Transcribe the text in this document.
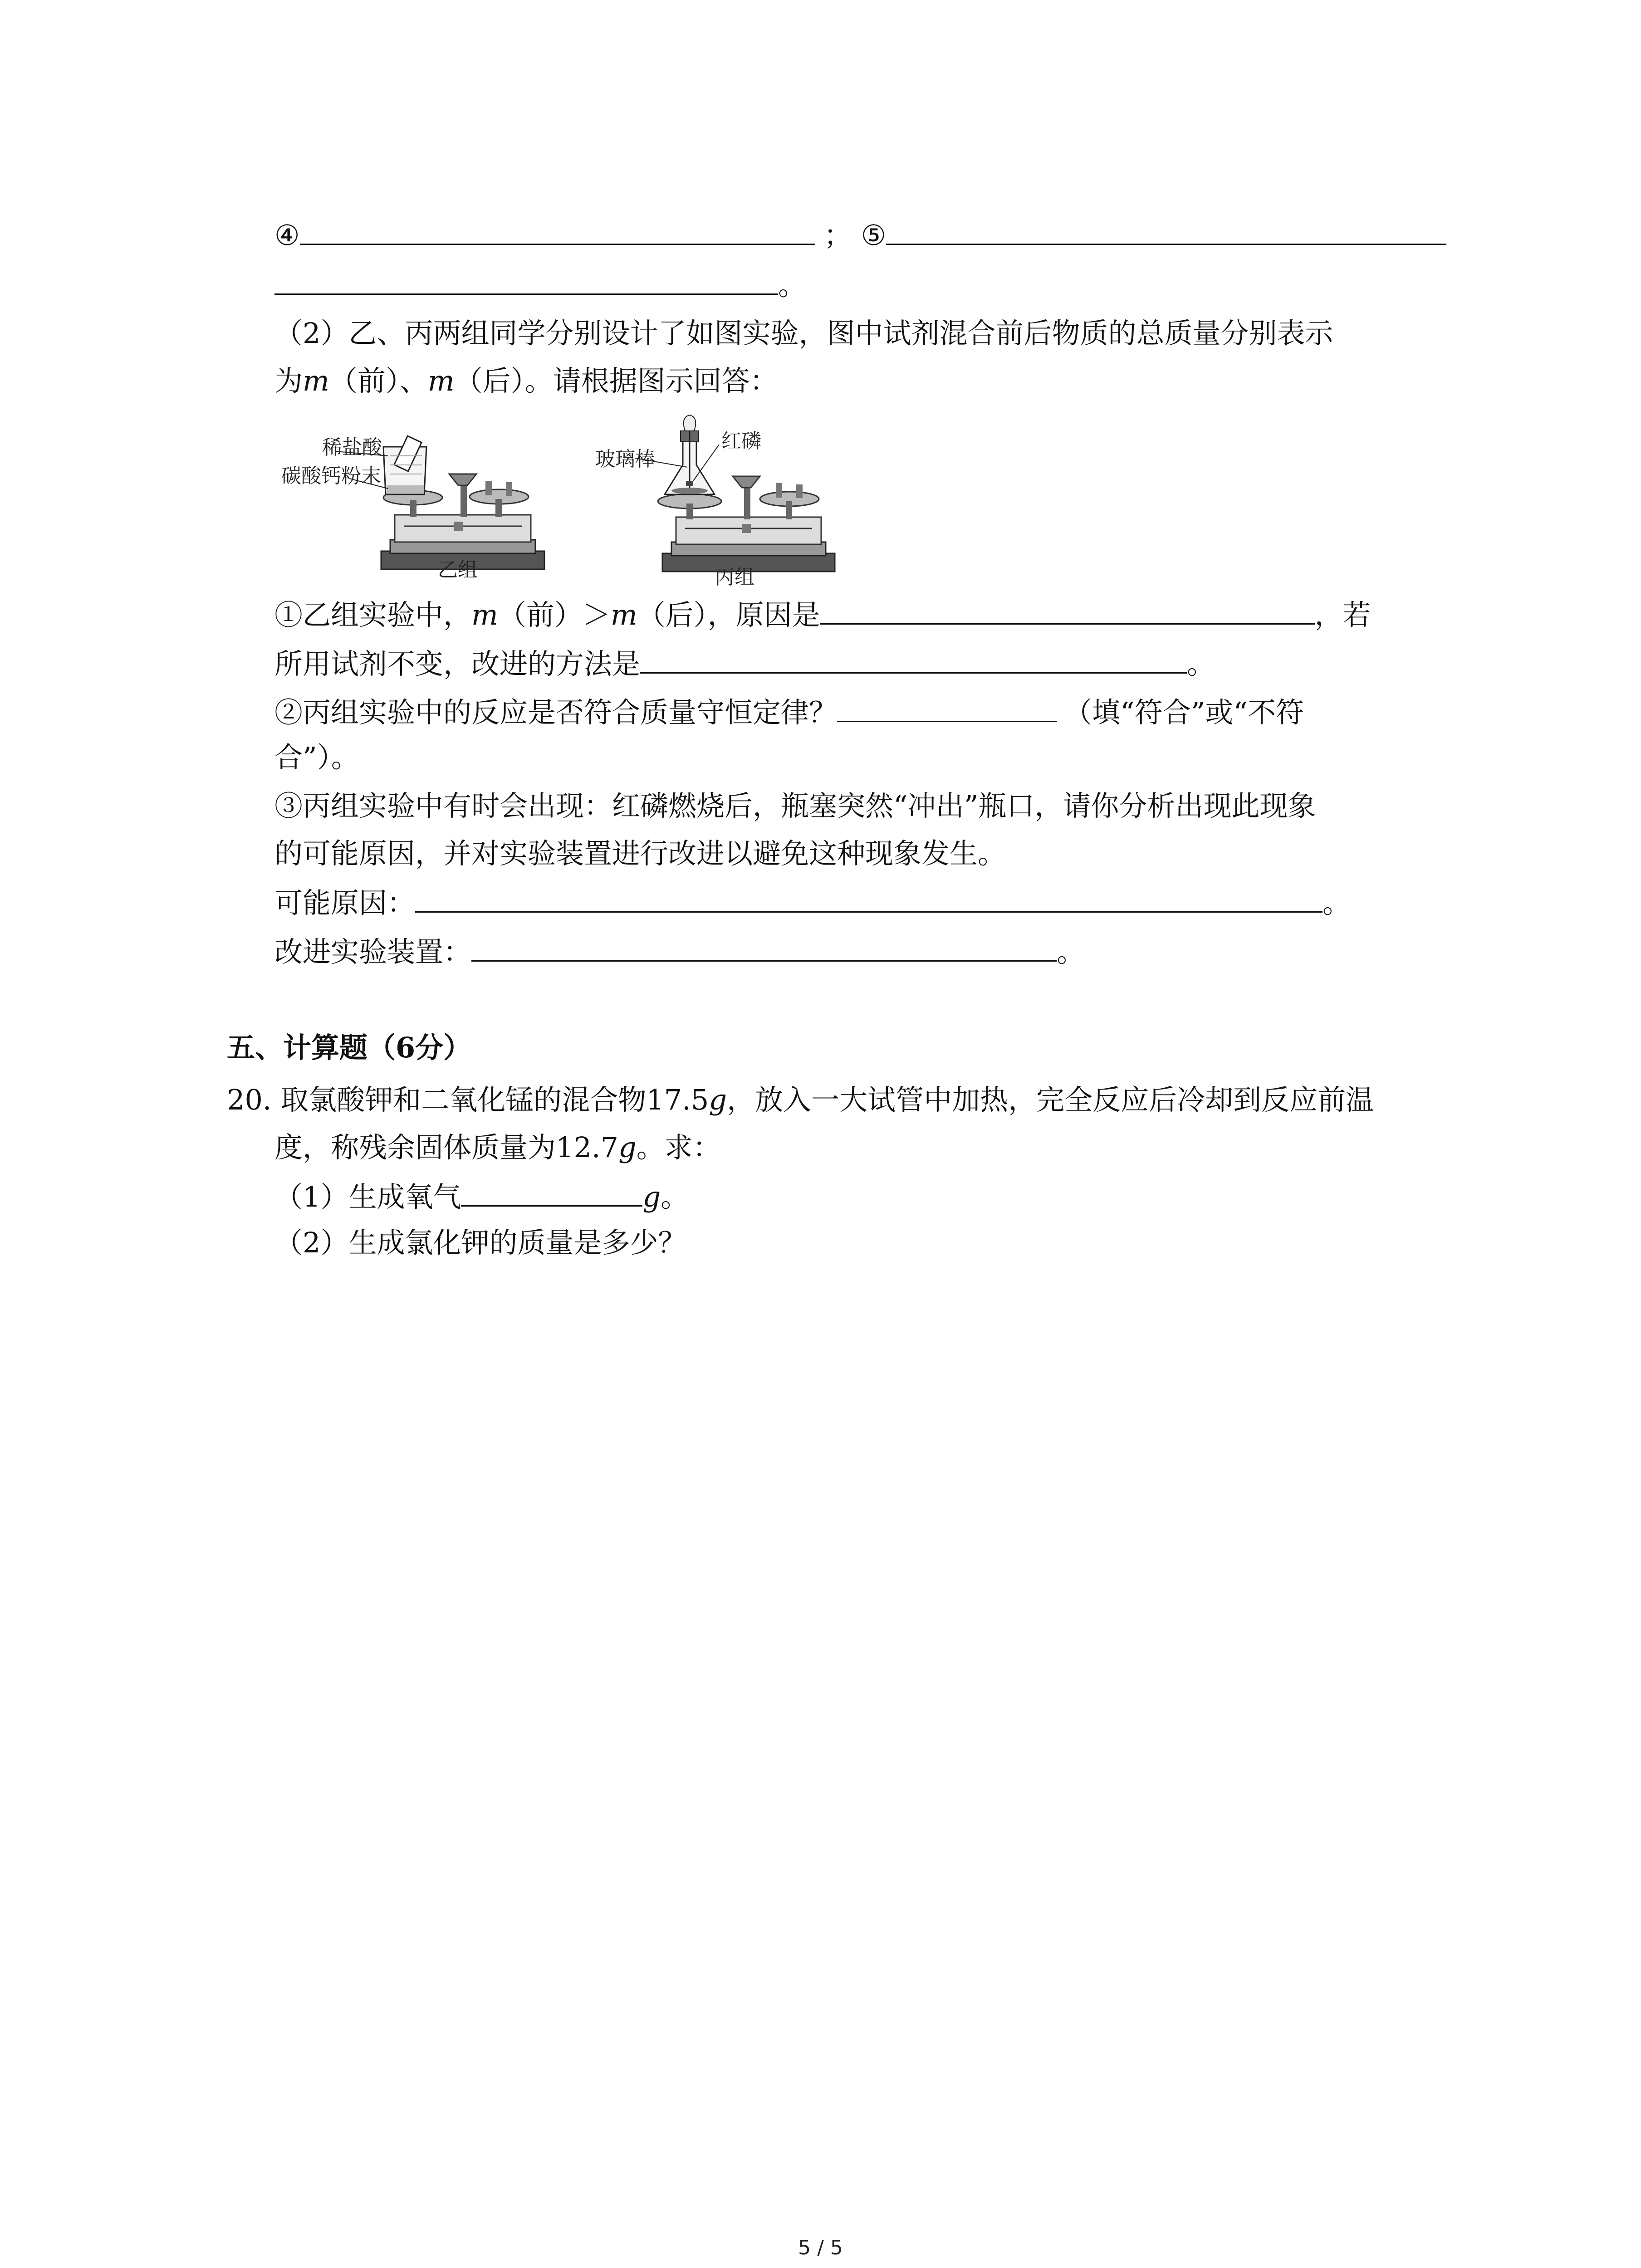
④	； ⑤
。
（2）乙、丙两组同学分别设计了如图实验，图中试剂混合前后物质的总质量分别表示
为m（前）、m（后）。请根据图示回答：
稀盐酸
碳酸钙粉末
乙组
玻璃棒
红磷
丙组
①乙组实验中，m（前）＞m（后），原因是	，若
所用试剂不变，改进的方法是	。
②丙组实验中的反应是否符合质量守恒定律？	（填“符合”或“不符
合”）。
③丙组实验中有时会出现：红磷燃烧后，瓶塞突然“冲出”瓶口，请你分析出现此现象
的可能原因，并对实验装置进行改进以避免这种现象发生。
可能原因：	。
改进实验装置：	。
五、计算题（6分）
20. 取氯酸钾和二氧化锰的混合物17.5g，放入一大试管中加热，完全反应后冷却到反应前温
度，称残余固体质量为12.7g。求：
（1）生成氧气	g。
（2）生成氯化钾的质量是多少？
5 / 5
